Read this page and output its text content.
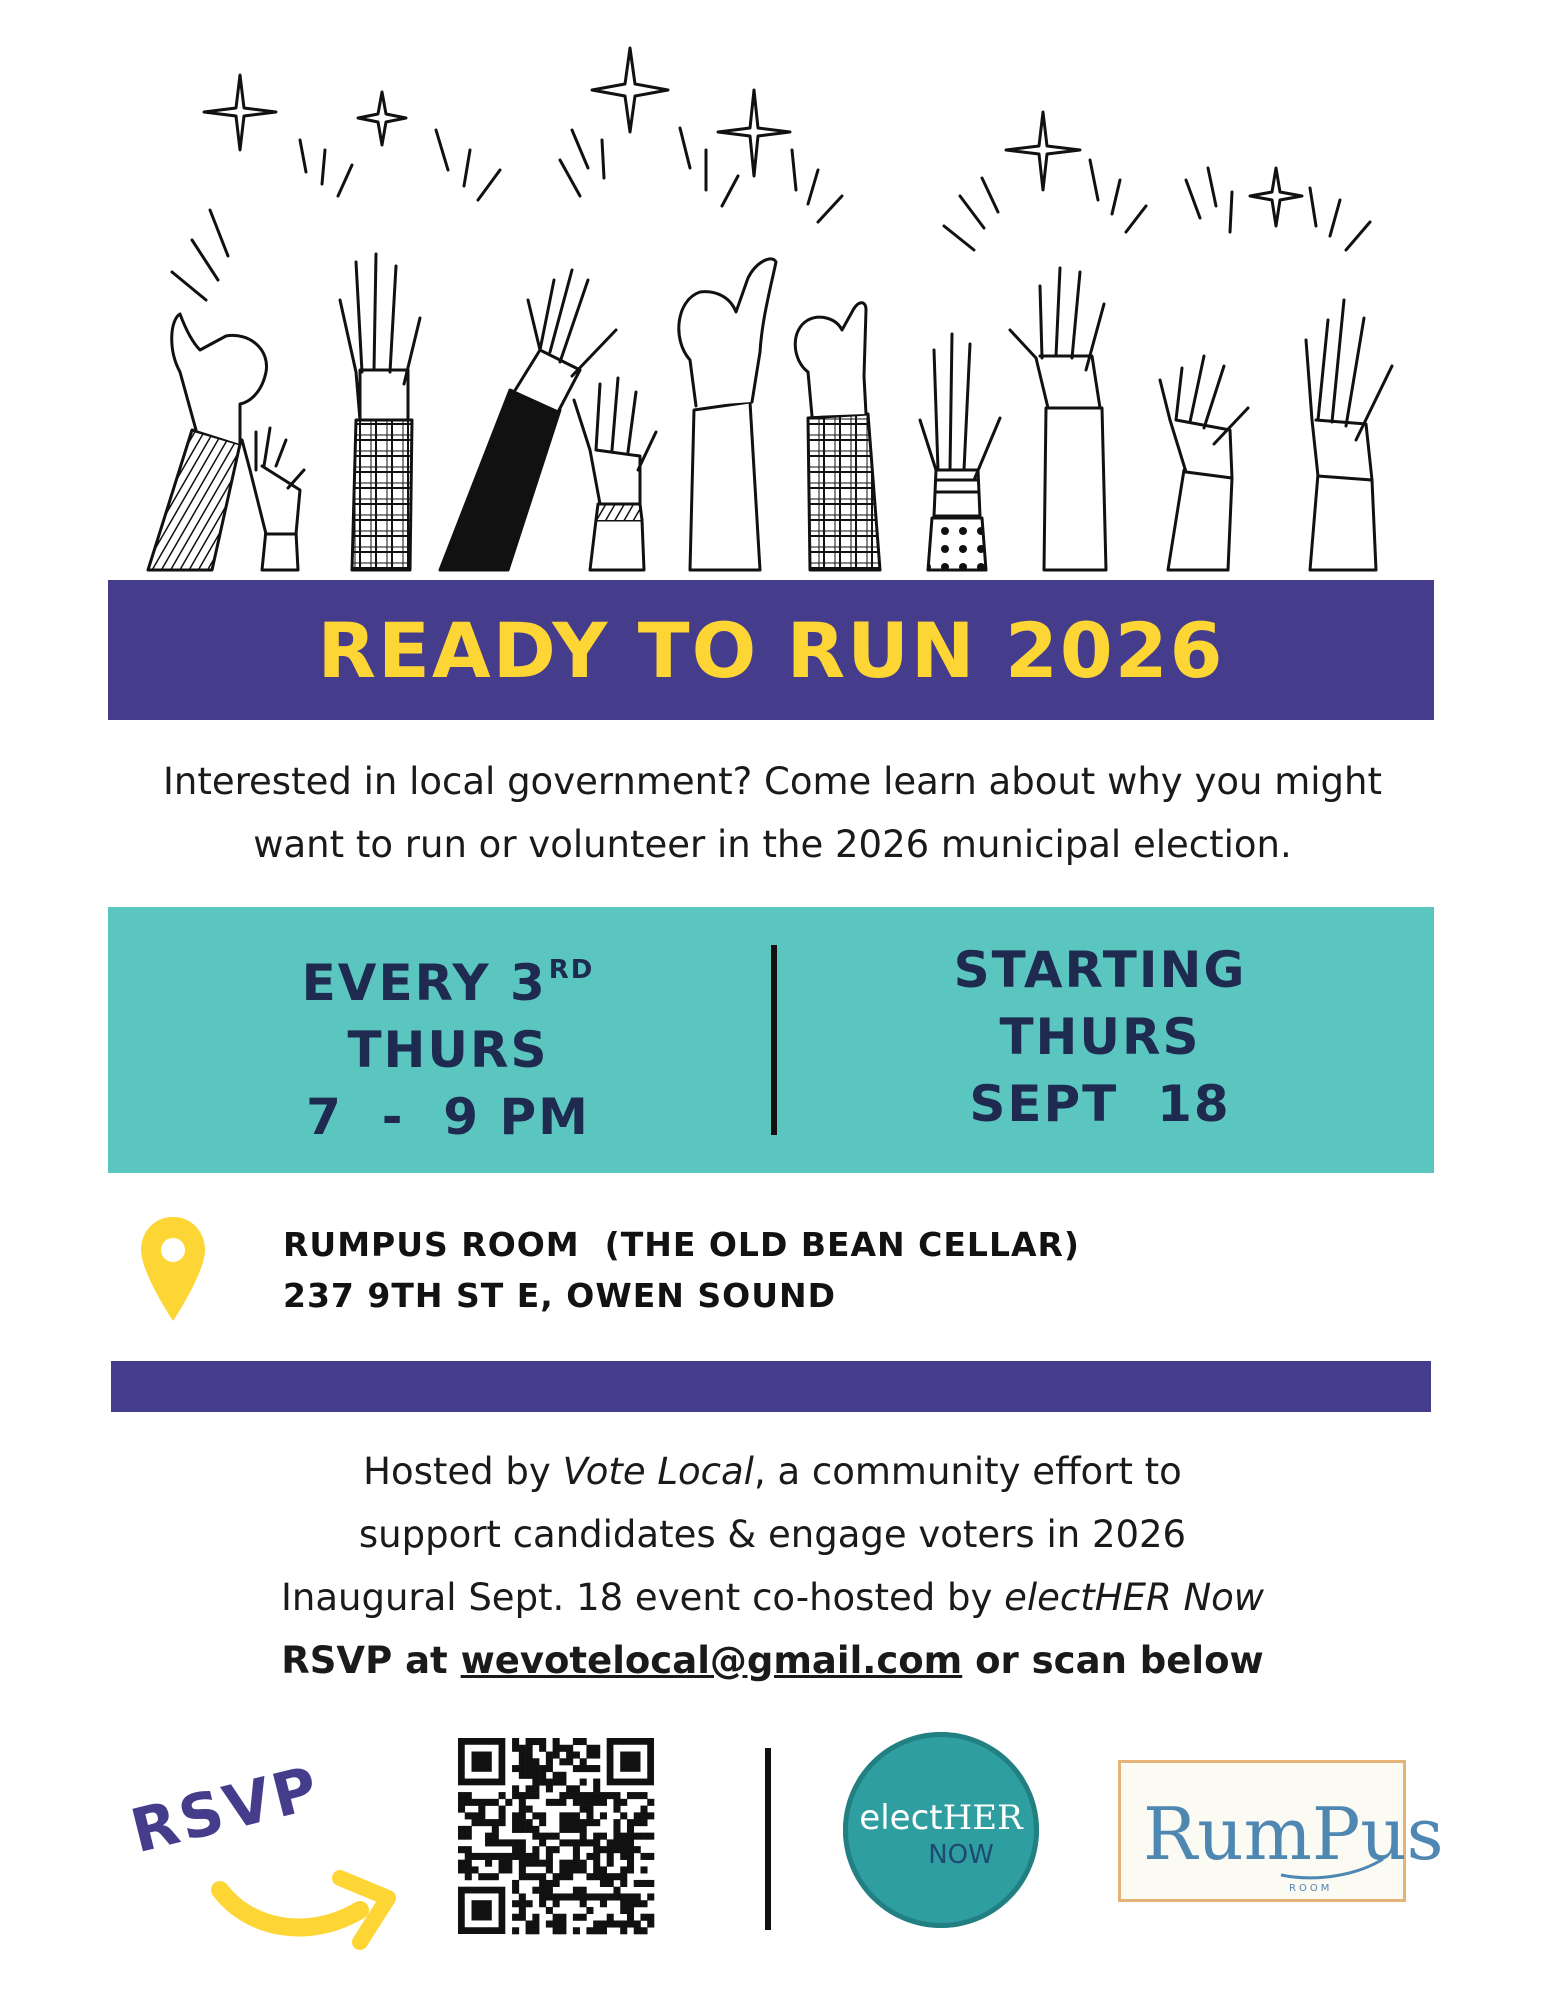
READY TO RUN 2026
Interested in local government? Come learn about why you might
want to run or volunteer in the 2026 municipal election.
EVERY 3RD
THURS
7  -  9 PM
STARTING
THURS
SEPT  18
RUMPUS ROOM  (THE OLD BEAN CELLAR)
237 9TH ST E, OWEN SOUND
Hosted by Vote Local, a community effort to
support candidates & engage voters in 2026
Inaugural Sept. 18 event co-hosted by electHER Now
RSVP at wevotelocal@gmail.com or scan below
RSVP	electHER
NOW	RumPus
ROOM
